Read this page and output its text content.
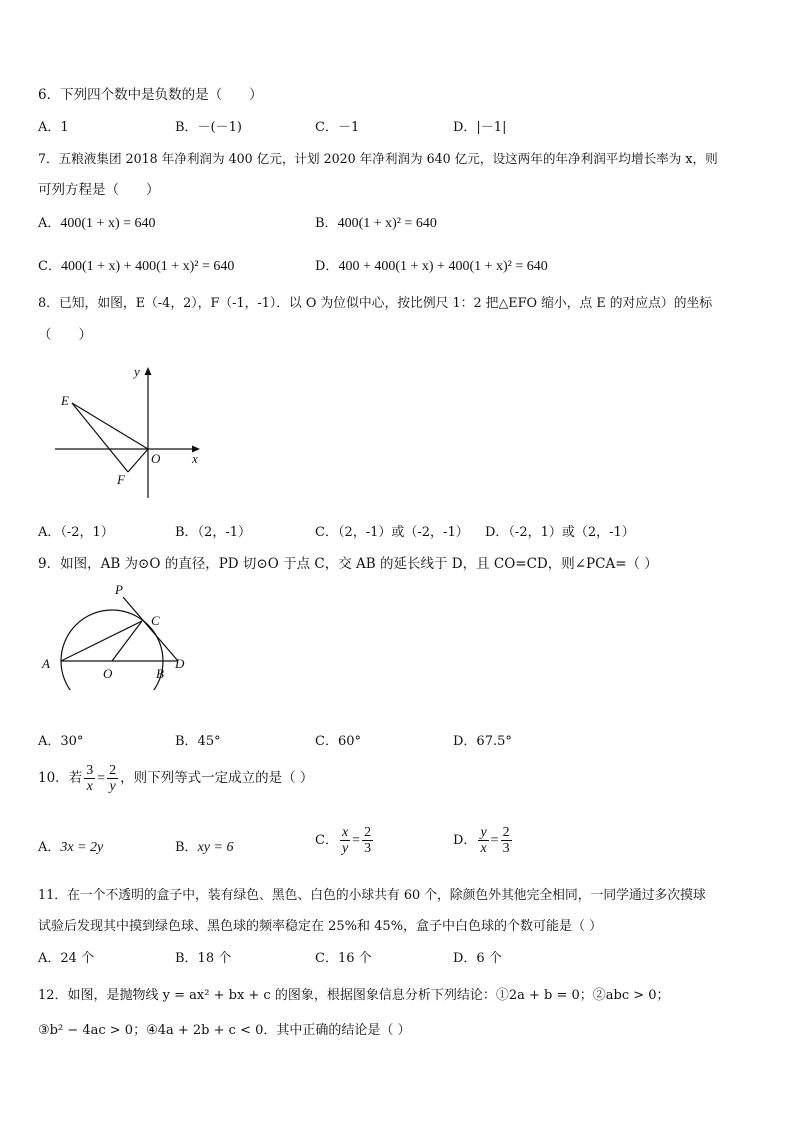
6．下列四个数中是负数的是（　　）
A．1	B．－(－1)	C．－1	D．|－1|
7．五粮液集团 2018 年净利润为 400 亿元，计划 2020 年净利润为 640 亿元，设这两年的年净利润平均增长率为 x，则
可列方程是（　　）
A．400(1 + x) = 640	B．400(1 + x)² = 640
C．400(1 + x) + 400(1 + x)² = 640	D．400 + 400(1 + x) + 400(1 + x)² = 640
8．已知，如图，E（-4，2），F（-1，-1）．以 O 为位似中心，按比例尺 1：2 把△EFO 缩小，点 E 的对应点）的坐标
（　　）
y
x
E
F
O
A．（-2，1）	B．（2，-1）	C．（2，-1）或（-2，-1） D．（-2，1）或（2，-1）
9．如图，AB 为⊙O 的直径，PD 切⊙O 于点 C，交 AB 的延长线于 D，且 CO=CD，则∠PCA=（ ）
P
C
A
O	B
D
A．30°	B．45°	C．60°	D．67.5°
10．若 $\frac{3}{x} = \frac{2}{y}$ ，则下列等式一定成立的是（ ）
A．3x = 2y	B．xy = 6	C． $\frac{x}{y} = \frac{2}{3}$	D． $\frac{y}{x} = \frac{2}{3}$
11．在一个不透明的盒子中，装有绿色、黑色、白色的小球共有 60 个，除颜色外其他完全相同，一同学通过多次摸球
试验后发现其中摸到绿色球、黑色球的频率稳定在 25%和 45%，盒子中白色球的个数可能是（ ）
A．24 个	B．18 个	C．16 个	D．6 个
12．如图，是抛物线 y = ax² + bx + c 的图象，根据图象信息分析下列结论：①2a + b = 0；②abc > 0；
③b² − 4ac > 0；④4a + 2b + c < 0．其中正确的结论是（ ）
